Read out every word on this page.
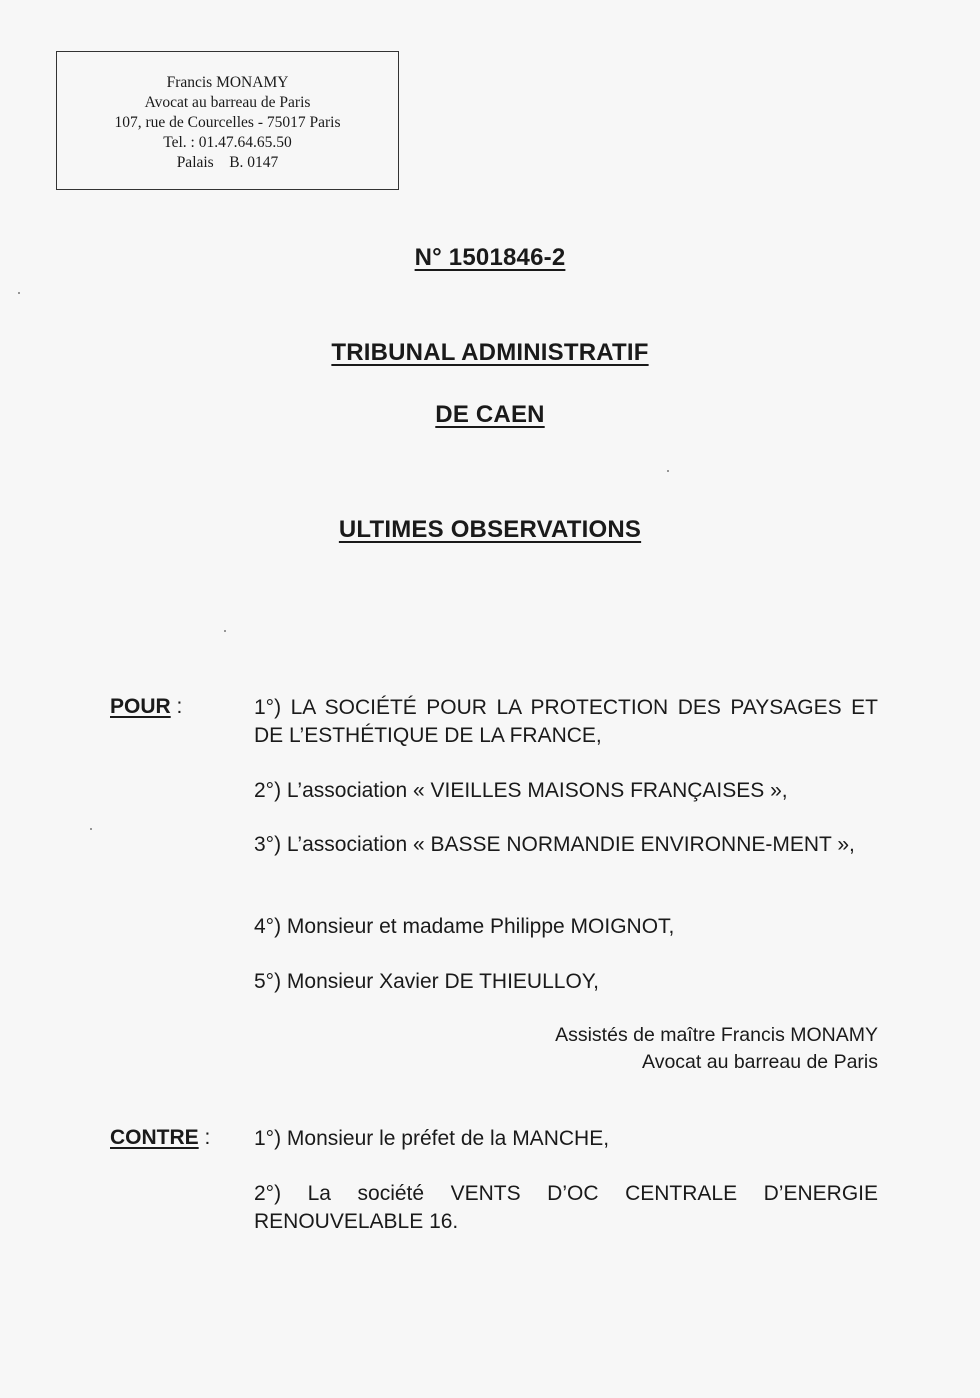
Francis MONAMY
Avocat au barreau de Paris
107, rue de Courcelles - 75017 Paris
Tel. : 01.47.64.65.50
Palais    B. 0147
N° 1501846-2
TRIBUNAL ADMINISTRATIF
DE CAEN
ULTIMES OBSERVATIONS
POUR :	1°) LA SOCIÉTÉ POUR LA PROTECTION DES PAYSAGES ET DE L’ESTHÉTIQUE DE LA FRANCE,
2°) L’association « VIEILLES MAISONS FRANÇAISES »,
3°) L’association « BASSE NORMANDIE ENVIRONNE-MENT »,
4°) Monsieur et madame Philippe MOIGNOT,
5°) Monsieur Xavier DE THIEULLOY,
Assistés de maître Francis MONAMY
Avocat au barreau de Paris
CONTRE : 1°) Monsieur le préfet de la MANCHE,
2°) La société VENTS D’OC CENTRALE D’ENERGIE RENOUVELABLE 16.
